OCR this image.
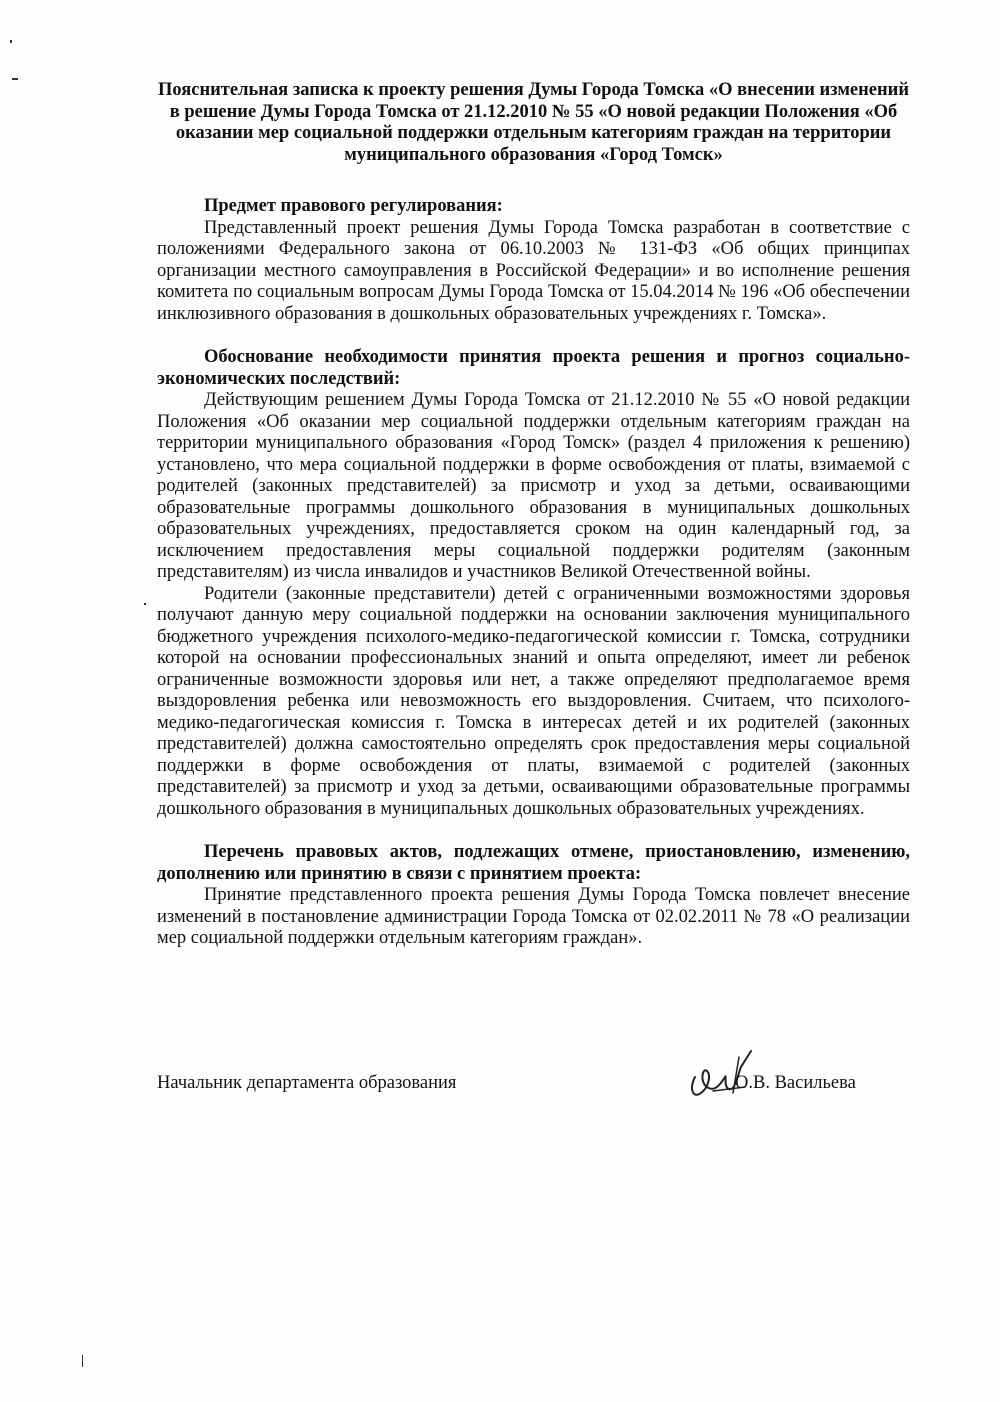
Пояснительная записка к проекту решения Думы Города Томска «О внесении изменений в решение Думы Города Томска от 21.12.2010 № 55 «О новой редакции Положения «Об оказании мер социальной поддержки отдельным категориям граждан на территории муниципального образования «Город Томск»

Предмет правового регулирования:

Представленный проект решения Думы Города Томска разработан в соответствие с положениями Федерального закона от 06.10.2003 № 131-ФЗ «Об общих принципах организации местного самоуправления в Российской Федерации» и во исполнение решения комитета по социальным вопросам Думы Города Томска от 15.04.2014 № 196 «Об обеспечении инклюзивного образования в дошкольных образовательных учреждениях г. Томска».

Обоснование необходимости принятия проекта решения и прогноз социально-экономических последствий:

Действующим решением Думы Города Томска от 21.12.2010 № 55 «О новой редакции Положения «Об оказании мер социальной поддержки отдельным категориям граждан на территории муниципального образования «Город Томск» (раздел 4 приложения к решению) установлено, что мера социальной поддержки в форме освобождения от платы, взимаемой с родителей (законных представителей) за присмотр и уход за детьми, осваивающими образовательные программы дошкольного образования в муниципальных дошкольных образовательных учреждениях, предоставляется сроком на один календарный год, за исключением предоставления меры социальной поддержки родителям (законным представителям) из числа инвалидов и участников Великой Отечественной войны.

Родители (законные представители) детей с ограниченными возможностями здоровья получают данную меру социальной поддержки на основании заключения муниципального бюджетного учреждения психолого-медико-педагогической комиссии г. Томска, сотрудники которой на основании профессиональных знаний и опыта определяют, имеет ли ребенок ограниченные возможности здоровья или нет, а также определяют предполагаемое время выздоровления ребенка или невозможность его выздоровления. Считаем, что психолого-медико-педагогическая комиссия г. Томска в интересах детей и их родителей (законных представителей) должна самостоятельно определять срок предоставления меры социальной поддержки в форме освобождения от платы, взимаемой с родителей (законных представителей) за присмотр и уход за детьми, осваивающими образовательные программы дошкольного образования в муниципальных дошкольных образовательных учреждениях.

Перечень правовых актов, подлежащих отмене, приостановлению, изменению, дополнению или принятию в связи с принятием проекта:

Принятие представленного проекта решения Думы Города Томска повлечет внесение изменений в постановление администрации Города Томска от 02.02.2011 № 78 «О реализации мер социальной поддержки отдельным категориям граждан».

Начальник департамента образования	О.В. Васильева
